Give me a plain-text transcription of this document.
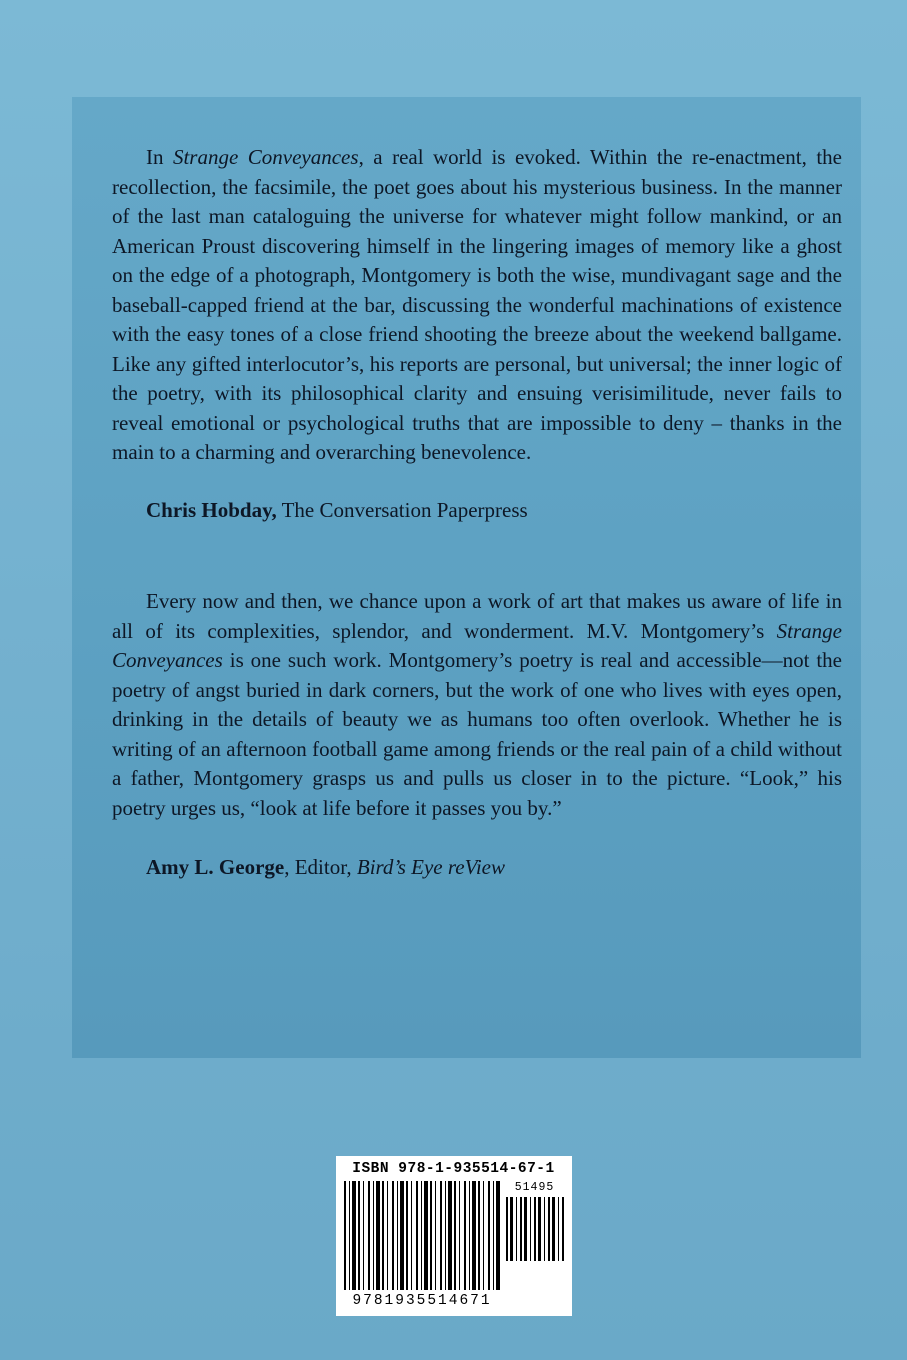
In Strange Conveyances, a real world is evoked. Within the re-enactment, the recollection, the facsimile, the poet goes about his mysterious business. In the manner of the last man cataloguing the universe for whatever might follow mankind, or an American Proust discovering himself in the lingering images of memory like a ghost on the edge of a photograph, Montgomery is both the wise, mundivagant sage and the baseball-capped friend at the bar, discussing the wonderful machinations of existence with the easy tones of a close friend shooting the breeze about the weekend ballgame. Like any gifted interlocutor’s, his reports are personal, but universal; the inner logic of the poetry, with its philosophical clarity and ensuing verisimilitude, never fails to reveal emotional or psychological truths that are impossible to deny – thanks in the main to a charming and overarching benevolence.

Chris Hobday, The Conversation Paperpress

Every now and then, we chance upon a work of art that makes us aware of life in all of its complexities, splendor, and wonderment. M.V. Montgomery’s Strange Conveyances is one such work. Montgomery’s poetry is real and accessible—not the poetry of angst buried in dark corners, but the work of one who lives with eyes open, drinking in the details of beauty we as humans too often overlook. Whether he is writing of an afternoon football game among friends or the real pain of a child without a father, Montgomery grasps us and pulls us closer in to the picture. “Look,” his poetry urges us, “look at life before it passes you by.”

Amy L. George, Editor, Bird’s Eye reView

ISBN 978-1-935514-67-1
9781935514671
51495
